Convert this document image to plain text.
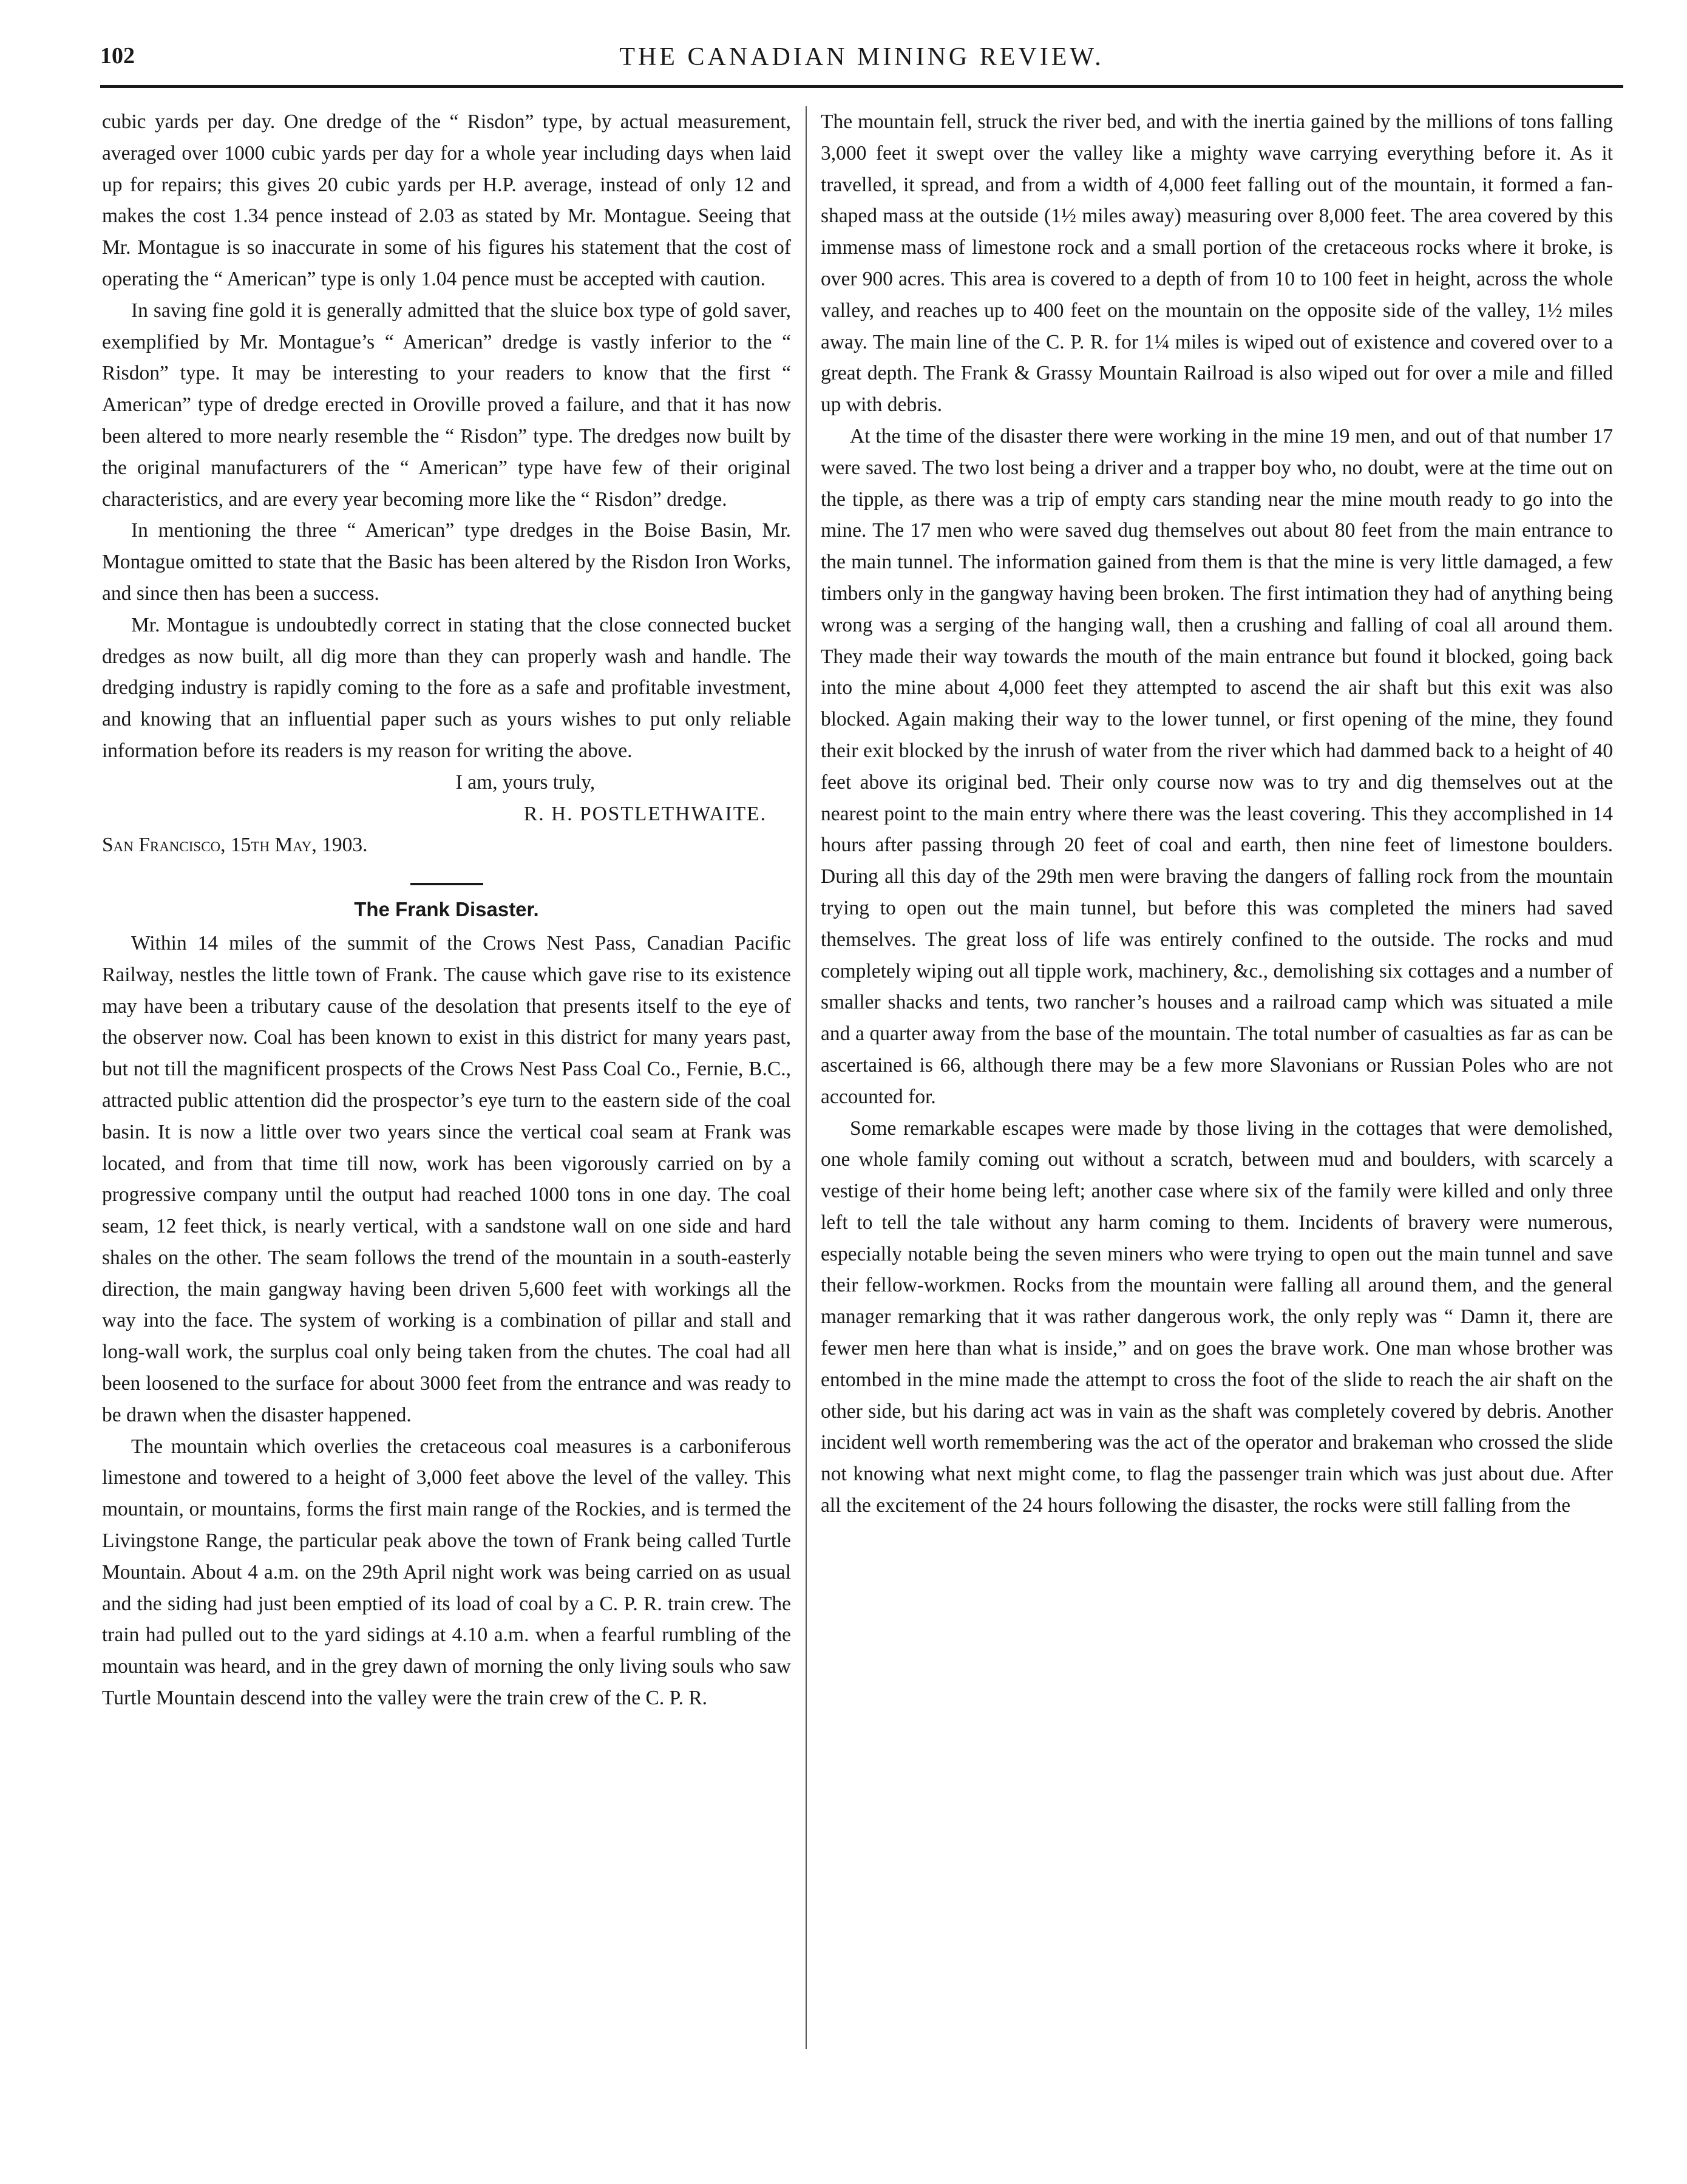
102	THE CANADIAN MINING REVIEW.

cubic yards per day. One dredge of the “ Risdon” type, by actual measurement, averaged over 1000 cubic yards per day for a whole year including days when laid up for repairs; this gives 20 cubic yards per H.P. average, instead of only 12 and makes the cost 1.34 pence instead of 2.03 as stated by Mr. Montague. Seeing that Mr. Montague is so inaccurate in some of his figures his statement that the cost of operating the “ American” type is only 1.04 pence must be accepted with caution.

In saving fine gold it is generally admitted that the sluice box type of gold saver, exemplified by Mr. Montague’s “ American” dredge is vastly inferior to the “ Risdon” type. It may be interesting to your readers to know that the first “ American” type of dredge erected in Oroville proved a failure, and that it has now been altered to more nearly resemble the “ Risdon” type. The dredges now built by the original manufacturers of the “ American” type have few of their original characteristics, and are every year becoming more like the “ Risdon” dredge.

In mentioning the three “ American” type dredges in the Boise Basin, Mr. Montague omitted to state that the Basic has been altered by the Risdon Iron Works, and since then has been a success.

Mr. Montague is undoubtedly correct in stating that the close connected bucket dredges as now built, all dig more than they can properly wash and handle. The dredging industry is rapidly coming to the fore as a safe and profitable investment, and knowing that an influential paper such as yours wishes to put only reliable information before its readers is my reason for writing the above.

I am, yours truly,

R. H. POSTLETHWAITE.

San Francisco, 15th May, 1903.

The Frank Disaster.

Within 14 miles of the summit of the Crows Nest Pass, Canadian Pacific Railway, nestles the little town of Frank. The cause which gave rise to its existence may have been a tributary cause of the desolation that presents itself to the eye of the observer now. Coal has been known to exist in this district for many years past, but not till the magnificent prospects of the Crows Nest Pass Coal Co., Fernie, B.C., attracted public attention did the prospector’s eye turn to the eastern side of the coal basin. It is now a little over two years since the vertical coal seam at Frank was located, and from that time till now, work has been vigorously carried on by a progressive company until the output had reached 1000 tons in one day. The coal seam, 12 feet thick, is nearly vertical, with a sandstone wall on one side and hard shales on the other. The seam follows the trend of the mountain in a south-easterly direction, the main gangway having been driven 5,600 feet with workings all the way into the face. The system of working is a combination of pillar and stall and long-wall work, the surplus coal only being taken from the chutes. The coal had all been loosened to the surface for about 3000 feet from the entrance and was ready to be drawn when the disaster happened.

The mountain which overlies the cretaceous coal measures is a carboniferous limestone and towered to a height of 3,000 feet above the level of the valley. This mountain, or mountains, forms the first main range of the Rockies, and is termed the Livingstone Range, the particular peak above the town of Frank being called Turtle Mountain. About 4 a.m. on the 29th April night work was being carried on as usual and the siding had just been emptied of its load of coal by a C. P. R. train crew. The train had pulled out to the yard sidings at 4.10 a.m. when a fearful rumbling of the mountain was heard, and in the grey dawn of morning the only living souls who saw Turtle Mountain descend into the valley were the train crew of the C. P. R.

The mountain fell, struck the river bed, and with the inertia gained by the millions of tons falling 3,000 feet it swept over the valley like a mighty wave carrying everything before it. As it travelled, it spread, and from a width of 4,000 feet falling out of the mountain, it formed a fan-shaped mass at the outside (1½ miles away) measuring over 8,000 feet. The area covered by this immense mass of limestone rock and a small portion of the cretaceous rocks where it broke, is over 900 acres. This area is covered to a depth of from 10 to 100 feet in height, across the whole valley, and reaches up to 400 feet on the mountain on the opposite side of the valley, 1½ miles away. The main line of the C. P. R. for 1¼ miles is wiped out of existence and covered over to a great depth. The Frank & Grassy Mountain Railroad is also wiped out for over a mile and filled up with debris.

At the time of the disaster there were working in the mine 19 men, and out of that number 17 were saved. The two lost being a driver and a trapper boy who, no doubt, were at the time out on the tipple, as there was a trip of empty cars standing near the mine mouth ready to go into the mine. The 17 men who were saved dug themselves out about 80 feet from the main entrance to the main tunnel. The information gained from them is that the mine is very little damaged, a few timbers only in the gangway having been broken. The first intimation they had of anything being wrong was a serging of the hanging wall, then a crushing and falling of coal all around them. They made their way towards the mouth of the main entrance but found it blocked, going back into the mine about 4,000 feet they attempted to ascend the air shaft but this exit was also blocked. Again making their way to the lower tunnel, or first opening of the mine, they found their exit blocked by the inrush of water from the river which had dammed back to a height of 40 feet above its original bed. Their only course now was to try and dig themselves out at the nearest point to the main entry where there was the least covering. This they accomplished in 14 hours after passing through 20 feet of coal and earth, then nine feet of limestone boulders. During all this day of the 29th men were braving the dangers of falling rock from the mountain trying to open out the main tunnel, but before this was completed the miners had saved themselves. The great loss of life was entirely confined to the outside. The rocks and mud completely wiping out all tipple work, machinery, &c., demolishing six cottages and a number of smaller shacks and tents, two rancher’s houses and a railroad camp which was situated a mile and a quarter away from the base of the mountain. The total number of casualties as far as can be ascertained is 66, although there may be a few more Slavonians or Russian Poles who are not accounted for.

Some remarkable escapes were made by those living in the cottages that were demolished, one whole family coming out without a scratch, between mud and boulders, with scarcely a vestige of their home being left; another case where six of the family were killed and only three left to tell the tale without any harm coming to them. Incidents of bravery were numerous, especially notable being the seven miners who were trying to open out the main tunnel and save their fellow-workmen. Rocks from the mountain were falling all around them, and the general manager remarking that it was rather dangerous work, the only reply was “ Damn it, there are fewer men here than what is inside,” and on goes the brave work. One man whose brother was entombed in the mine made the attempt to cross the foot of the slide to reach the air shaft on the other side, but his daring act was in vain as the shaft was completely covered by debris. Another incident well worth remembering was the act of the operator and brakeman who crossed the slide not knowing what next might come, to flag the passenger train which was just about due. After all the excitement of the 24 hours following the disaster, the rocks were still falling from the
